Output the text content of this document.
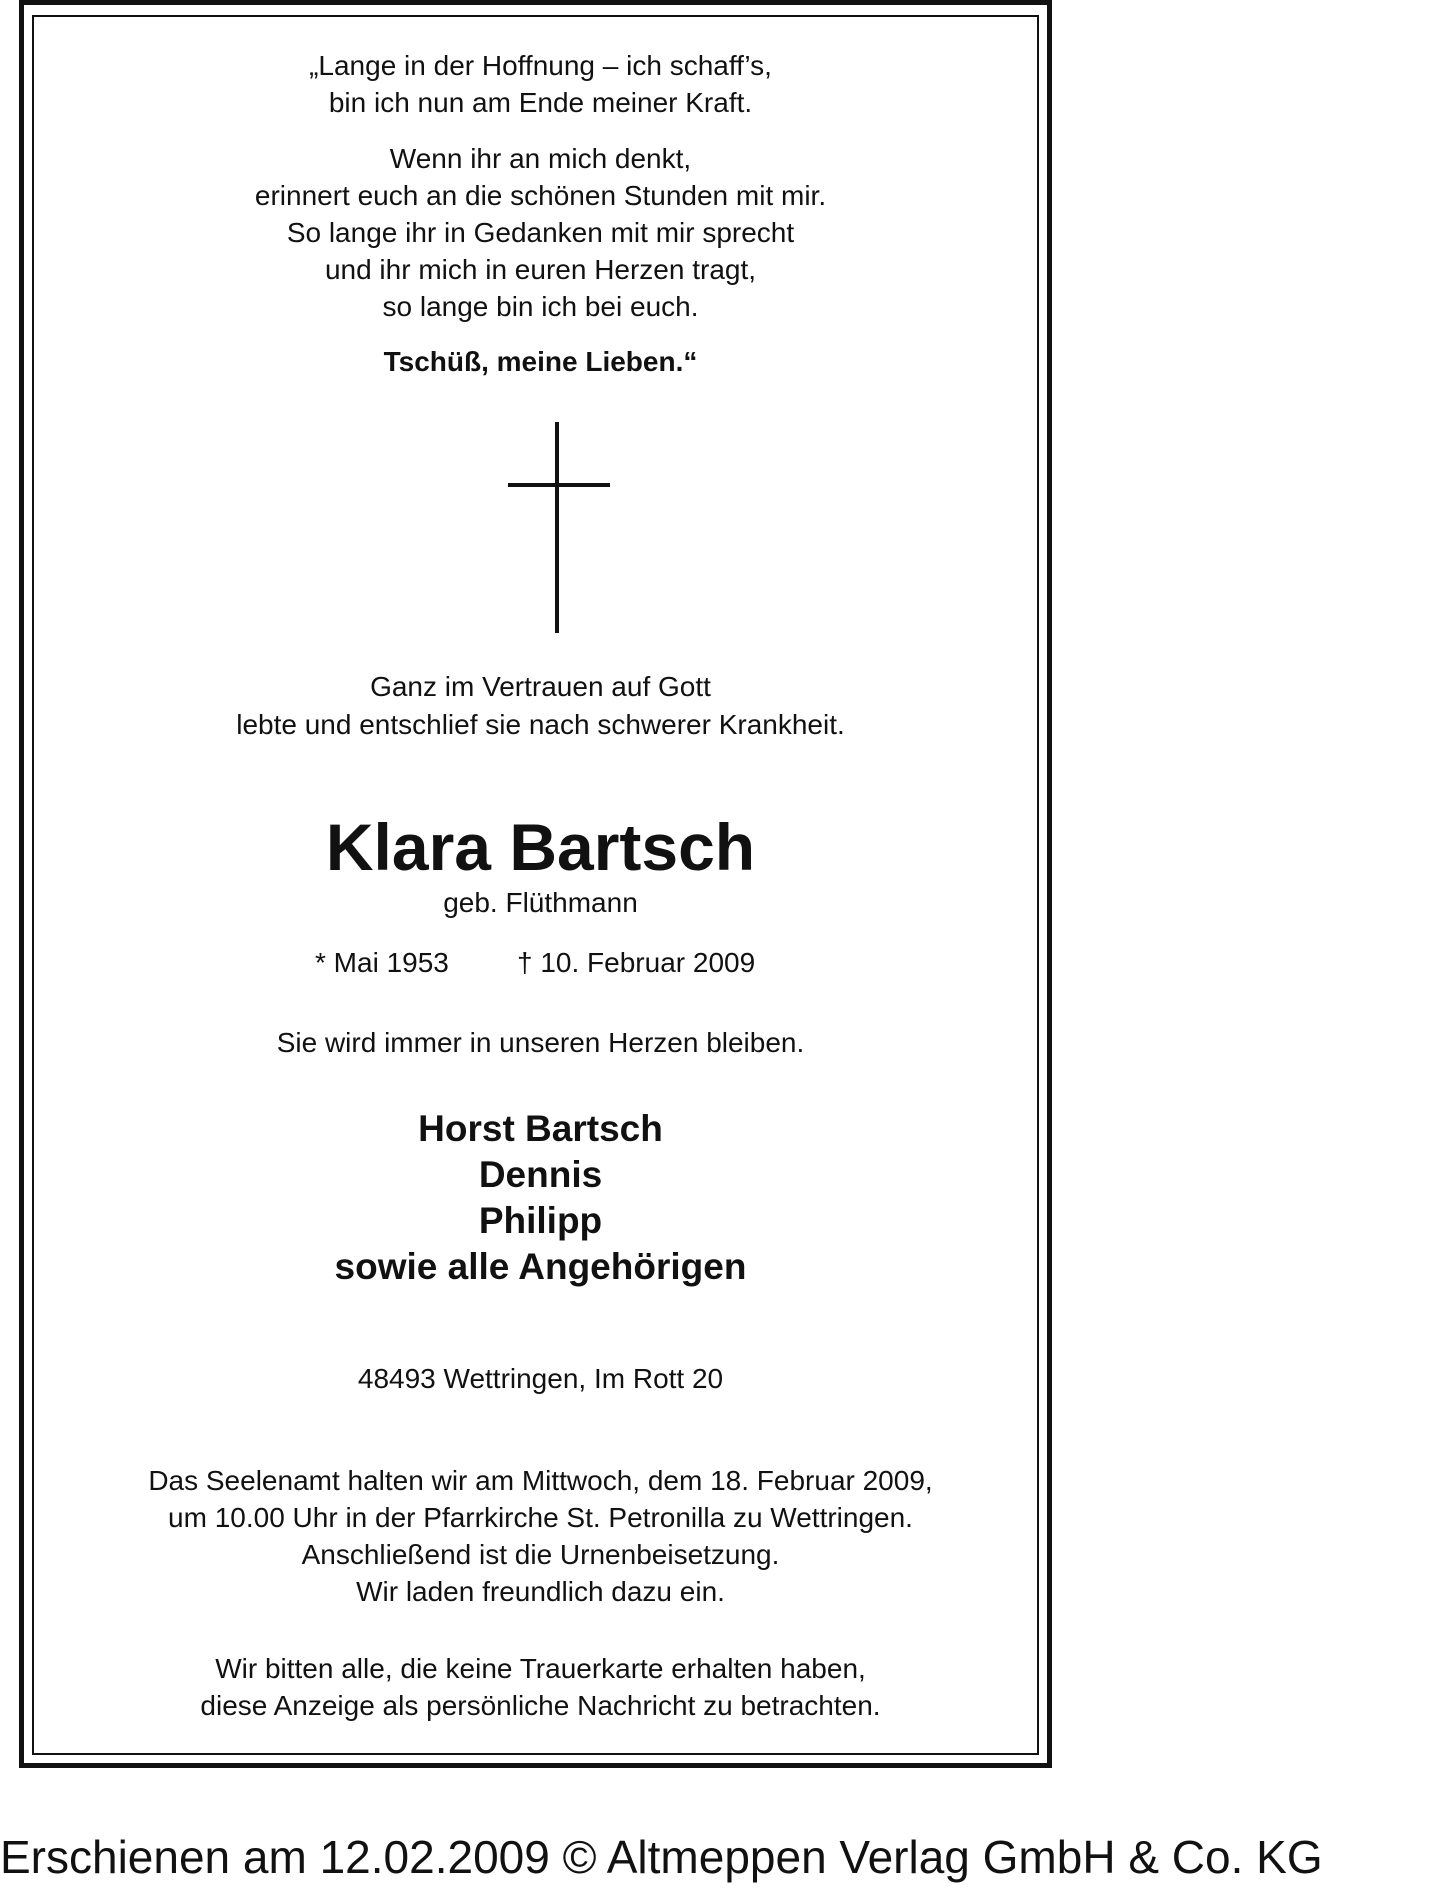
„Lange in der Hoffnung – ich schaff’s,
bin ich nun am Ende meiner Kraft.
Wenn ihr an mich denkt,
erinnert euch an die schönen Stunden mit mir.
So lange ihr in Gedanken mit mir sprecht
und ihr mich in euren Herzen tragt,
so lange bin ich bei euch.
Tschüß, meine Lieben.“
Ganz im Vertrauen auf Gott
lebte und entschlief sie nach schwerer Krankheit.
Klara Bartsch
geb. Flüthmann
* Mai 1953 † 10. Februar 2009
Sie wird immer in unseren Herzen bleiben.
Horst Bartsch
Dennis
Philipp
sowie alle Angehörigen
48493 Wettringen, Im Rott 20
Das Seelenamt halten wir am Mittwoch, dem 18. Februar 2009,
um 10.00 Uhr in der Pfarrkirche St. Petronilla zu Wettringen.
Anschließend ist die Urnenbeisetzung.
Wir laden freundlich dazu ein.
Wir bitten alle, die keine Trauerkarte erhalten haben,
diese Anzeige als persönliche Nachricht zu betrachten.
Erschienen am 12.02.2009 © Altmeppen Verlag GmbH & Co. KG
